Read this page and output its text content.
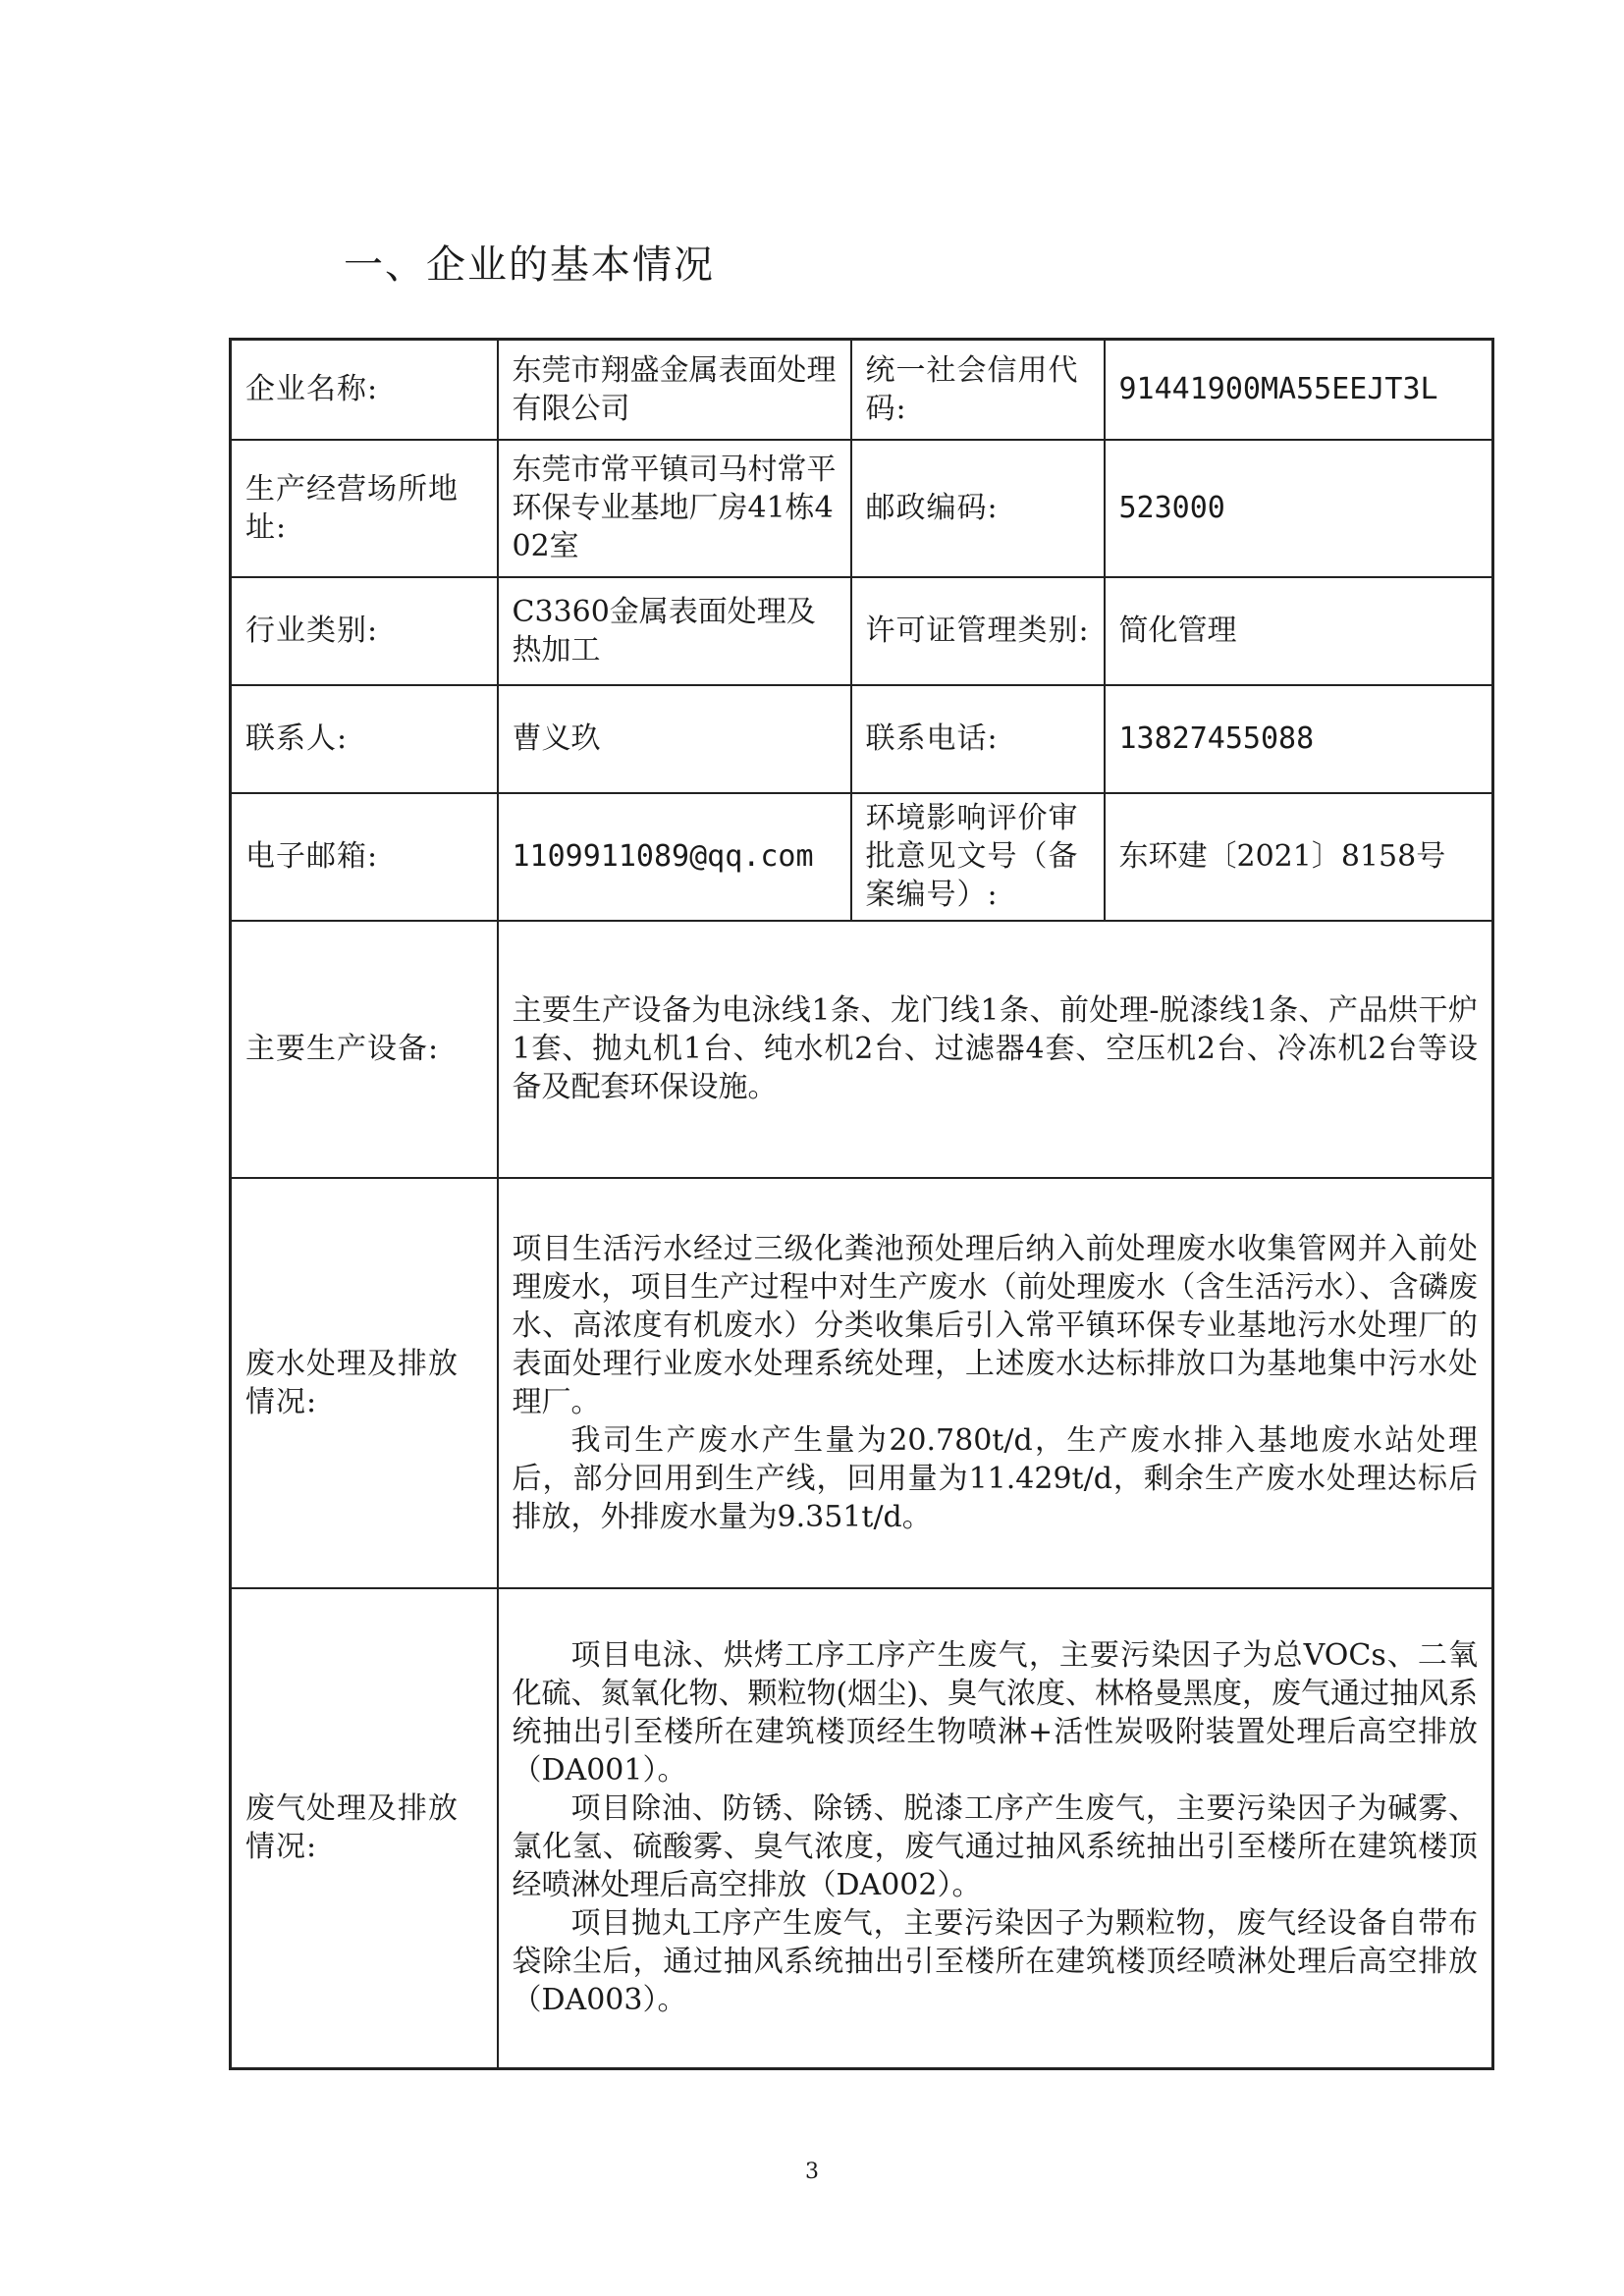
一、企业的基本情况
企业名称:	东莞市翔盛金属表面处理有限公司	统一社会信用代码:	91441900MA55EEJT3L
生产经营场所地址:	东莞市常平镇司马村常平环保专业基地厂房41栋402室	邮政编码:	523000
行业类别:	C3360金属表面处理及热加工	许可证管理类别:	简化管理
联系人:	曹义玖	联系电话:	13827455088
电子邮箱:	1109911089@qq.com	环境影响评价审批意见文号（备案编号）:	东环建〔2021〕8158号
主要生产设备:	主要生产设备为电泳线1条、龙门线1条、前处理-脱漆线1条、产品烘干炉1套、抛丸机1台、纯水机2台、过滤器4套、空压机2台、冷冻机2台等设备及配套环保设施。		

废水处理及排放情况:	项目生活污水经过三级化粪池预处理后纳入前处理废水收集管网并入前处理废水，项目生产过程中对生产废水（前处理废水（含生活污水）、含磷废水、高浓度有机废水）分类收集后引入常平镇环保专业基地污水处理厂的表面处理行业废水处理系统处理，上述废水达标排放口为基地集中污水处理厂。

我司生产废水产生量为20.780t/d，生产废水排入基地废水站处理后，部分回用到生产线，回用量为11.429t/d，剩余生产废水处理达标后排放，外排废水量为9.351t/d。		

废气处理及排放情况:	项目电泳、烘烤工序工序产生废气，主要污染因子为总VOCs、二氧化硫、氮氧化物、颗粒物(烟尘)、臭气浓度、林格曼黑度，废气通过抽风系统抽出引至楼所在建筑楼顶经生物喷淋+活性炭吸附装置处理后高空排放（DA001）。

项目除油、防锈、除锈、脱漆工序产生废气，主要污染因子为碱雾、氯化氢、硫酸雾、臭气浓度，废气通过抽风系统抽出引至楼所在建筑楼顶经喷淋处理后高空排放（DA002）。

项目抛丸工序产生废气，主要污染因子为颗粒物，废气经设备自带布袋除尘后，通过抽风系统抽出引至楼所在建筑楼顶经喷淋处理后高空排放（DA003）。		

3
